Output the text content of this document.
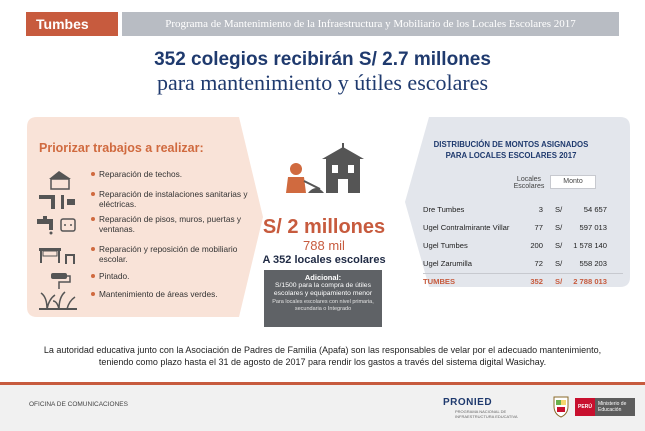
Tumbes	Programa de Mantenimiento de la Infraestructura y Mobiliario de los Locales Escolares 2017
352 colegios recibirán S/ 2.7 millones
para mantenimiento y útiles escolares
Priorizar trabajos a realizar:
Reparación de techos.
Reparación de instalaciones sanitarias y eléctricas.
Reparación de pisos, muros, puertas y ventanas.
Reparación y reposición de mobiliario escolar.
Pintado.
Mantenimiento de áreas verdes.
S/ 2 millones
788 mil
A 352 locales escolares
Adicional:
S/1500 para la compra de útiles escolares y equipamiento menor
Para locales escolares con nivel primaria, secundaria o Integrado
DISTRIBUCIÓN DE MONTOS ASIGNADOS
PARA LOCALES ESCOLARES 2017
Locales
Escolares
Monto
Dre Tumbes	3 S/	54 657
Ugel Contralmirante Villar	77 S/	597 013
Ugel Tumbes	200 S/	1 578 140
Ugel Zarumilla	72 S/	558 203
TUMBES	352 S/	2 788 013
La autoridad educativa junto con la Asociación de Padres de Familia (Apafa) son las responsables de velar por el adecuado mantenimiento,
teniendo como plazo hasta el 31 de agosto de 2017 para rendir los gastos a través del sistema digital Wasichay.
OFICINA DE COMUNICACIONES	PRONIED
PROGRAMA NACIONAL DE INFRAESTRUCTURA EDUCATIVA
PERÚ	Ministerio de Educación
